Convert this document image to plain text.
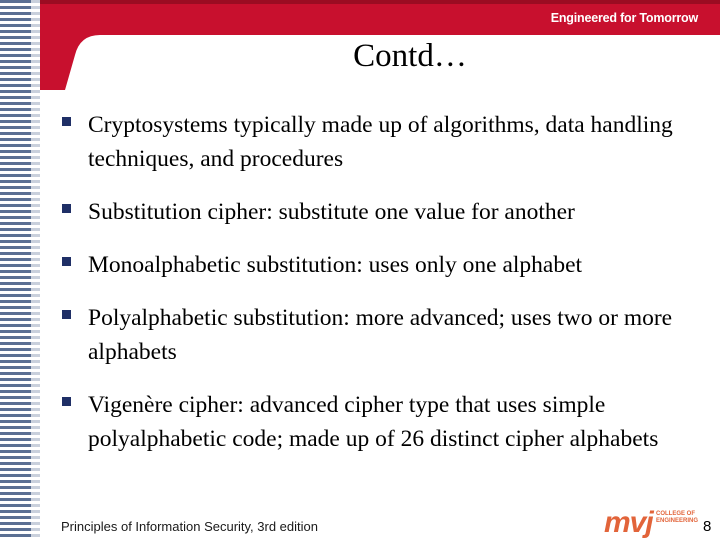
Engineered for Tomorrow
Contd…
Cryptosystems typically made up of algorithms, data handling techniques, and procedures
Substitution cipher: substitute one value for another
Monoalphabetic substitution: uses only one alphabet
Polyalphabetic substitution: more advanced; uses two or more alphabets
Vigenère cipher: advanced cipher type that uses simple polyalphabetic code; made up of 26 distinct cipher alphabets
Principles of Information Security, 3rd edition	mvj COLLEGE OF ENGINEERING 8
